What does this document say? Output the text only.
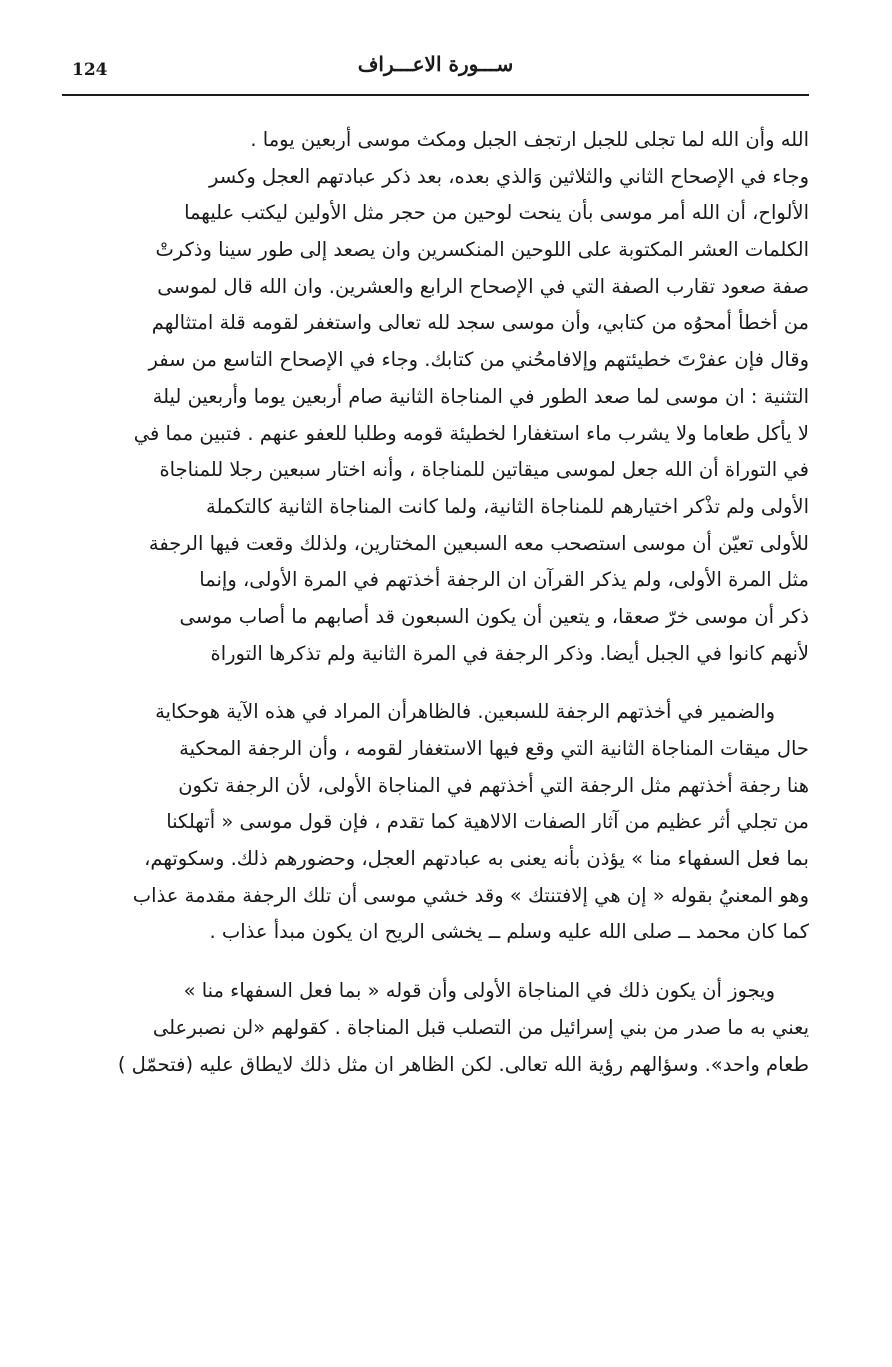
124	ســـورة الاعـــراف
الله وأن الله لما تجلى للجبل ارتجف الجبل ومكث موسى أربعين يوما .
وجاء في الإصحاح الثاني والثلاثين وَالذي بعده، بعد ذكر عبادتهم العجل وكسر
الألواح، أن الله أمر موسى بأن ينحت لوحين من حجر مثل الأولين ليكتب عليهما
الكلمات العشر المكتوبة على اللوحين المنكسرين وان يصعد إلى طور سينا وذكرتْ
صفة صعود تقارب الصفة التي في الإصحاح الرابع والعشرين. وان الله قال لموسى
من أخطأ أمحوُه من كتابي، وأن موسى سجد لله تعالى واستغفر لقومه قلة امتثالهم
وقال فإن عفرْتَ خطيئتهم وإلافامحُني من كتابك. وجاء في الإصحاح التاسع من سفر
التثنية : ان موسى لما صعد الطور في المناجاة الثانية صام أربعين يوما وأربعين ليلة
لا يأكل طعاما ولا يشرب ماء استغفارا لخطيئة قومه وطلبا للعفو عنهم . فتبين مما في
في التوراة أن الله جعل لموسى ميقاتين للمناجاة ، وأنه اختار سبعين رجلا للمناجاة
الأولى ولم تذْكر اختيارهم للمناجاة الثانية، ولما كانت المناجاة الثانية كالتكملة
للأولى تعيّن أن موسى استصحب معه السبعين المختارين، ولذلك وقعت فيها الرجفة
مثل المرة الأولى، ولم يذكر القرآن ان الرجفة أخذتهم في المرة الأولى، وإنما
ذكر أن موسى خرّ صعقا، و يتعين أن يكون السبعون قد أصابهم ما أصاب موسى
لأنهم كانوا في الجبل أيضا. وذكر الرجفة في المرة الثانية ولم تذكرها التوراة
والضمير في أخذتهم الرجفة للسبعين. فالظاهرأن المراد في هذه الآية هوحكاية
حال ميقات المناجاة الثانية التي وقع فيها الاستغفار لقومه ، وأن الرجفة المحكية
هنا رجفة أخذتهم مثل الرجفة التي أخذتهم في المناجاة الأولى، لأن الرجفة تكون
من تجلي أثر عظيم من آثار الصفات الالاهية كما تقدم ، فإن قول موسى « أتهلكنا
بما فعل السفهاء منا » يؤذن بأنه يعنى به عبادتهم العجل، وحضورهم ذلك. وسكوتهم،
وهو المعنيُ بقوله « إن هي إلافتنتك » وقد خشي موسى أن تلك الرجفة مقدمة عذاب
كما كان محمد ــ صلى الله عليه وسلم ــ يخشى الريح ان يكون مبدأ عذاب .
ويجوز أن يكون ذلك في المناجاة الأولى وأن قوله « بما فعل السفهاء منا »
يعني به ما صدر من بني إسرائيل من التصلب قبل المناجاة . كقولهم «لن نصبرعلى
طعام واحد». وسؤالهم رؤية الله تعالى. لكن الظاهر ان مثل ذلك لايطاق عليه (فتحمّل )
